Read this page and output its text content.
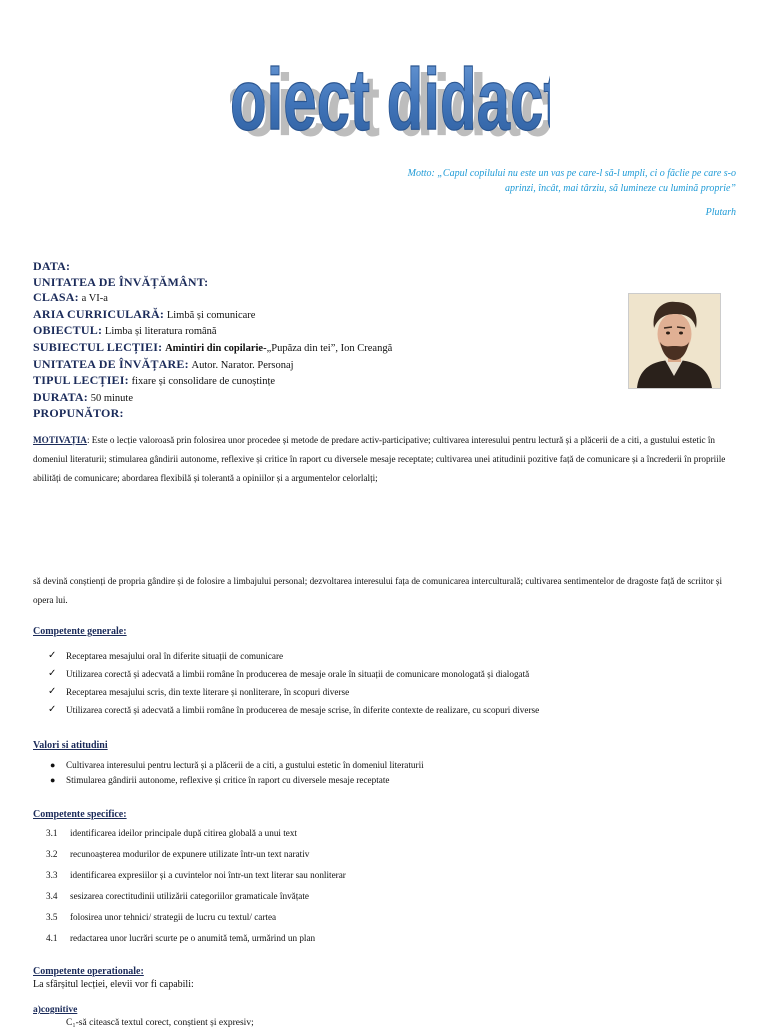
oiect dida
oiect didac
Motto: „Capul copilului nu este un vas pe care-l să-l umpli, ci o făclie pe care s-o
aprinzi, încât, mai târziu, să lumineze cu lumină proprie”
Plutarh
DATA:
UNITATEA DE ÎNVĂȚĂMÂNT:
CLASA: a VI-a
ARIA CURRICULARĂ: Limbă și comunicare
OBIECTUL: Limba și literatura română
SUBIECTUL LECȚIEI: Amintiri din copilarie-„Pupăza din tei”, Ion Creangă
UNITATEA DE ÎNVĂȚARE: Autor. Narator. Personaj
TIPUL LECȚIEI: fixare și consolidare de cunoștințe
DURATA: 50 minute
PROPUNĂTOR:
MOTIVAȚIA: Este o lecție valoroasă prin folosirea unor procedee și metode de predare activ-participative; cultivarea interesului pentru lectură și a plăcerii de a citi, a gustului estetic în domeniul literaturii; stimularea gândirii autonome, reflexive și critice în raport cu diversele mesaje receptate; cultivarea unei atitudinii pozitive față de comunicare și a încrederii în propriile abilități de comunicare; abordarea flexibilă și tolerantă a opiniilor și a argumentelor celorlalți;
să devină conștienți de propria gândire și de folosire a limbajului personal; dezvoltarea interesului fața de comunicarea interculturală; cultivarea sentimentelor de dragoste față de scriitor și opera lui.
Competente generale:
✓ Receptarea mesajului oral în diferite situații de comunicare
✓ Utilizarea corectă și adecvată a limbii române în producerea de mesaje orale în situații de comunicare monologată și dialogată
✓ Receptarea mesajului scris, din texte literare și nonliterare, în scopuri diverse
✓ Utilizarea corectă și adecvată a limbii române în producerea de mesaje scrise, în diferite contexte de realizare, cu scopuri diverse
Valori si atitudini
● Cultivarea interesului pentru lectură și a plăcerii de a citi, a gustului estetic în domeniul literaturii
● Stimularea gândirii autonome, reflexive și critice în raport cu diversele mesaje receptate
Competente specifice:
3.1 identificarea ideilor principale după citirea globală a unui text
3.2 recunoașterea modurilor de expunere utilizate într-un text narativ
3.3 identificarea expresiilor și a cuvintelor noi într-un text literar sau nonliterar
3.4 sesizarea corectitudinii utilizării categoriilor gramaticale învățate
3.5 folosirea unor tehnici/ strategii de lucru cu textul/ cartea
4.1 redactarea unor lucrări scurte pe o anumită temă, urmărind un plan
Competente operationale:
La sfârșitul lecției, elevii vor fi capabili:
a)cognitive
C₁-să citească textul corect, conștient și expresiv;
